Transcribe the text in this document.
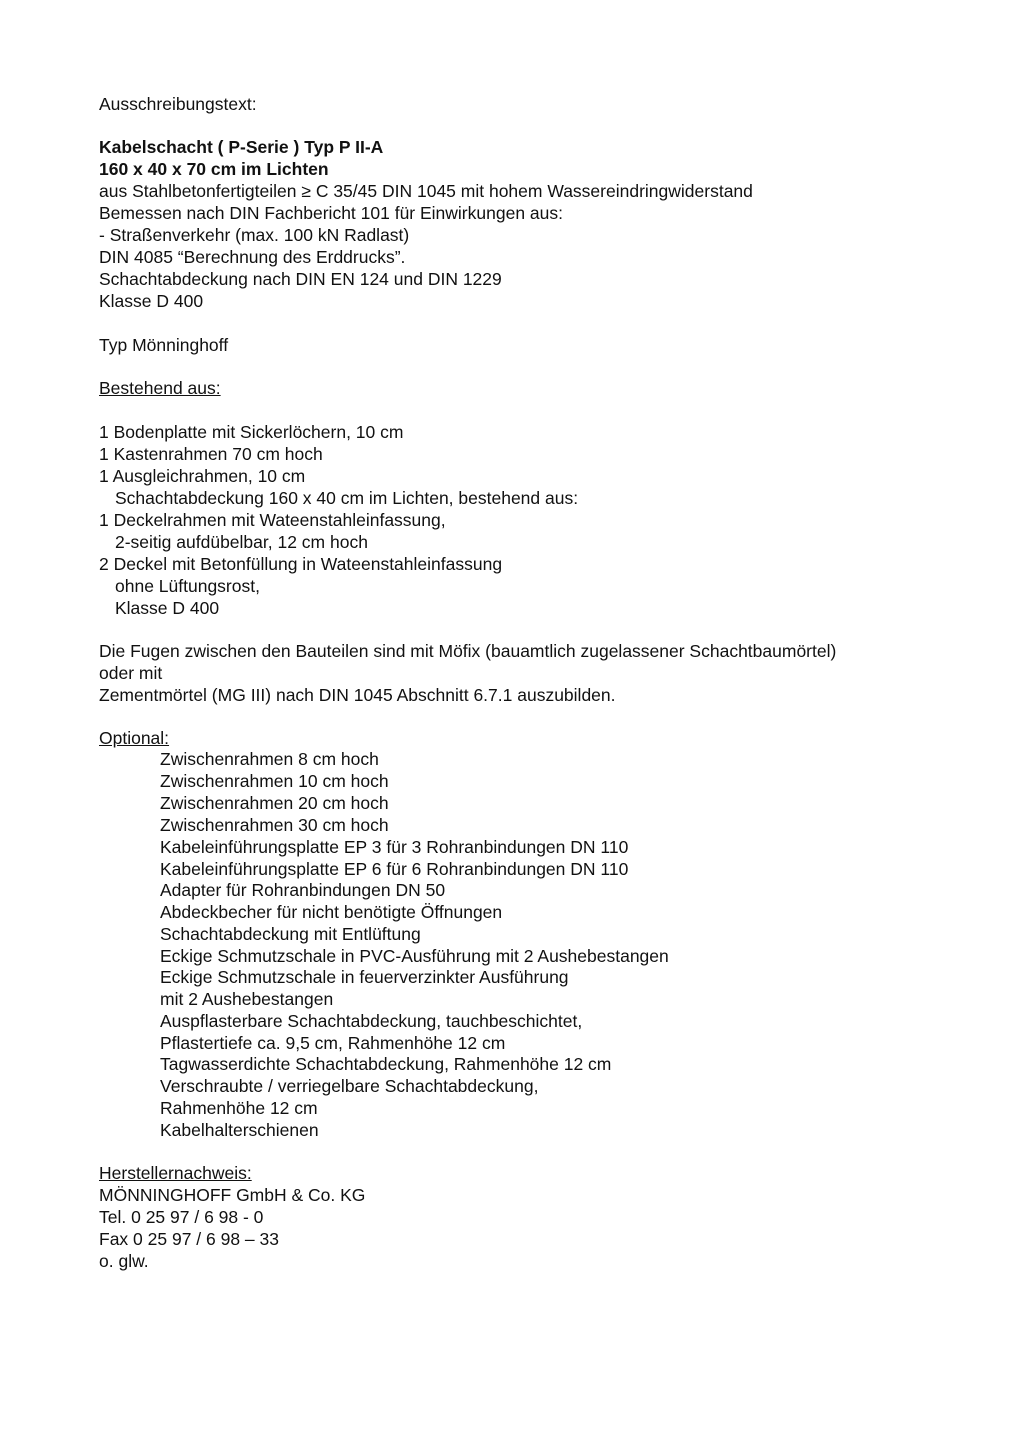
Ausschreibungstext:

Kabelschacht ( P-Serie ) Typ P II-A

160 x 40 x 70 cm im Lichten

aus Stahlbetonfertigteilen ≥ C 35/45 DIN 1045 mit hohem Wassereindringwiderstand

Bemessen nach DIN Fachbericht 101 für Einwirkungen aus:

- Straßenverkehr (max. 100 kN Radlast)

DIN 4085 “Berechnung des Erddrucks”.

Schachtabdeckung nach DIN EN 124 und DIN 1229

Klasse D 400

Typ Mönninghoff

Bestehend aus:

1 Bodenplatte mit Sickerlöchern, 10 cm

1 Kastenrahmen 70 cm hoch

1 Ausgleichrahmen, 10 cm

Schachtabdeckung 160 x 40 cm im Lichten, bestehend aus:

1 Deckelrahmen mit Wateenstahleinfassung,

2-seitig aufdübelbar, 12 cm hoch

2 Deckel mit Betonfüllung in Wateenstahleinfassung

ohne Lüftungsrost,

Klasse D 400

Die Fugen zwischen den Bauteilen sind mit Möfix (bauamtlich zugelassener Schachtbaumörtel)

oder mit

Zementmörtel (MG III) nach DIN 1045 Abschnitt 6.7.1 auszubilden.

Optional:

Zwischenrahmen 8 cm hoch

Zwischenrahmen 10 cm hoch

Zwischenrahmen 20 cm hoch

Zwischenrahmen 30 cm hoch

Kabeleinführungsplatte EP 3 für 3 Rohranbindungen DN 110

Kabeleinführungsplatte EP 6 für 6 Rohranbindungen DN 110

Adapter für Rohranbindungen DN 50

Abdeckbecher für nicht benötigte Öffnungen

Schachtabdeckung mit Entlüftung

Eckige Schmutzschale in PVC-Ausführung mit 2 Aushebestangen

Eckige Schmutzschale in feuerverzinkter Ausführung

mit 2 Aushebestangen

Auspflasterbare Schachtabdeckung, tauchbeschichtet,

Pflastertiefe ca. 9,5 cm, Rahmenhöhe 12 cm

Tagwasserdichte Schachtabdeckung, Rahmenhöhe 12 cm

Verschraubte / verriegelbare Schachtabdeckung,

Rahmenhöhe 12 cm

Kabelhalterschienen

Herstellernachweis:

MÖNNINGHOFF GmbH & Co. KG

Tel. 0 25 97 / 6 98 - 0

Fax 0 25 97 / 6 98 – 33

o. glw.
